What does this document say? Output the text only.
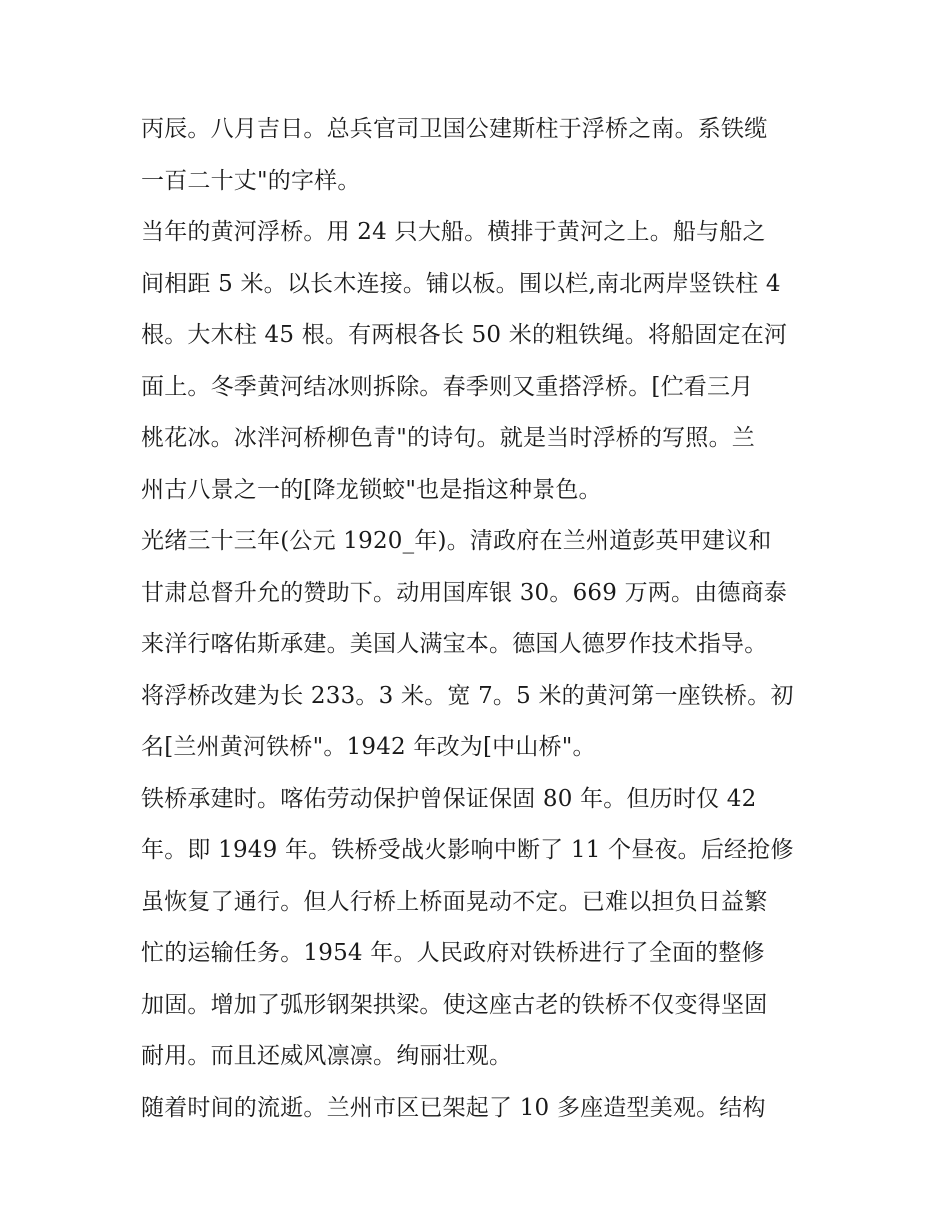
丙辰。八月吉日。总兵官司卫国公建斯柱于浮桥之南。系铁缆
一百二十丈"的字样。
当年的黄河浮桥。用 24 只大船。横排于黄河之上。船与船之
间相距 5 米。以长木连接。铺以板。围以栏,南北两岸竖铁柱 4
根。大木柱 45 根。有两根各长 50 米的粗铁绳。将船固定在河
面上。冬季黄河结冰则拆除。春季则又重搭浮桥。[伫看三月
桃花冰。冰泮河桥柳色青"的诗句。就是当时浮桥的写照。兰
州古八景之一的[降龙锁蛟"也是指这种景色。
光绪三十三年(公元 1920_年)。清政府在兰州道彭英甲建议和
甘肃总督升允的赞助下。动用国库银 30。669 万两。由德商泰
来洋行喀佑斯承建。美国人满宝本。德国人德罗作技术指导。
将浮桥改建为长 233。3 米。宽 7。5 米的黄河第一座铁桥。初
名[兰州黄河铁桥"。1942 年改为[中山桥"。
铁桥承建时。喀佑劳动保护曾保证保固 80 年。但历时仅 42
年。即 1949 年。铁桥受战火影响中断了 11 个昼夜。后经抢修
虽恢复了通行。但人行桥上桥面晃动不定。已难以担负日益繁
忙的运输任务。1954 年。人民政府对铁桥进行了全面的整修
加固。增加了弧形钢架拱梁。使这座古老的铁桥不仅变得坚固
耐用。而且还威风凛凛。绚丽壮观。
随着时间的流逝。兰州市区已架起了 10 多座造型美观。结构
